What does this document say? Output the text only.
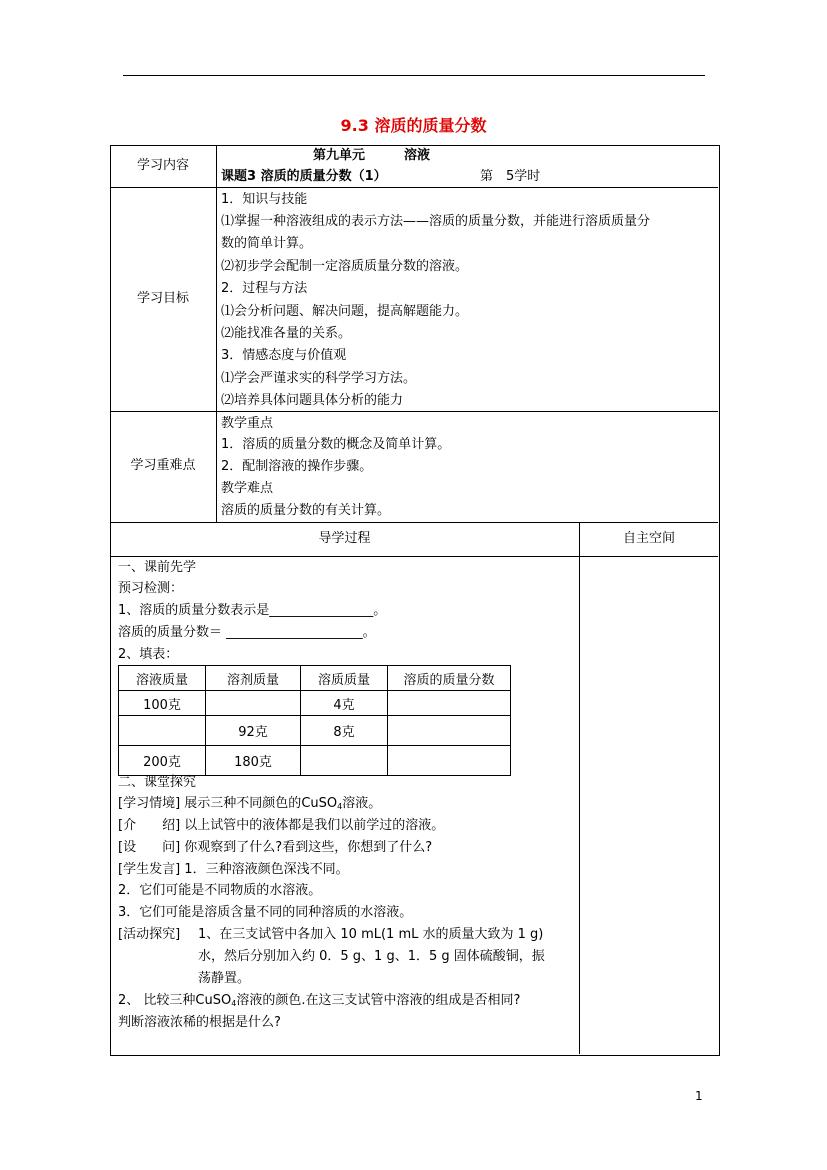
9.3 溶质的质量分数
学习内容
第九单元　　　溶液
课题3 溶质的质量分数（1）	第　5学时
学习目标
1．知识与技能
⑴掌握一种溶液组成的表示方法——溶质的质量分数，并能进行溶质质量分
数的简单计算。
⑵初步学会配制一定溶质质量分数的溶液。
2．过程与方法
⑴会分析问题、解决问题，提高解题能力。
⑵能找准各量的关系。
3．情感态度与价值观
⑴学会严谨求实的科学学习方法。
⑵培养具体问题具体分析的能力
学习重难点
教学重点
1．溶质的质量分数的概念及简单计算。
2．配制溶液的操作步骤。
教学难点
溶质的质量分数的有关计算。
导学过程	自主空间
一、课前先学
预习检测：
1、溶质的质量分数表示是________________。
溶质的质量分数＝ _____________________。
2、填表：
溶液质量	溶剂质量	溶质质量	溶质的质量分数
100克		4克	
	92克	8克	
200克	180克		
二、课堂探究
[学习情境] 展示三种不同颜色的CuSO$_4$溶液。
[介　　绍] 以上试管中的液体都是我们以前学过的溶液。
[设　　问] 你观察到了什么?看到这些，你想到了什么?
[学生发言] 1．三种溶液颜色深浅不同。
2．它们可能是不同物质的水溶液。
3．它们可能是溶质含量不同的同种溶质的水溶液。
[活动探究] 1、在三支试管中各加入 10 mL(1 mL 水的质量大致为 1 g)
水，然后分别加入约 0．5 g、1 g、1．5 g 固体硫酸铜，振
荡静置。
2、 比较三种CuSO$_4$溶液的颜色.在这三支试管中溶液的组成是否相同?
判断溶液浓稀的根据是什么?
1
